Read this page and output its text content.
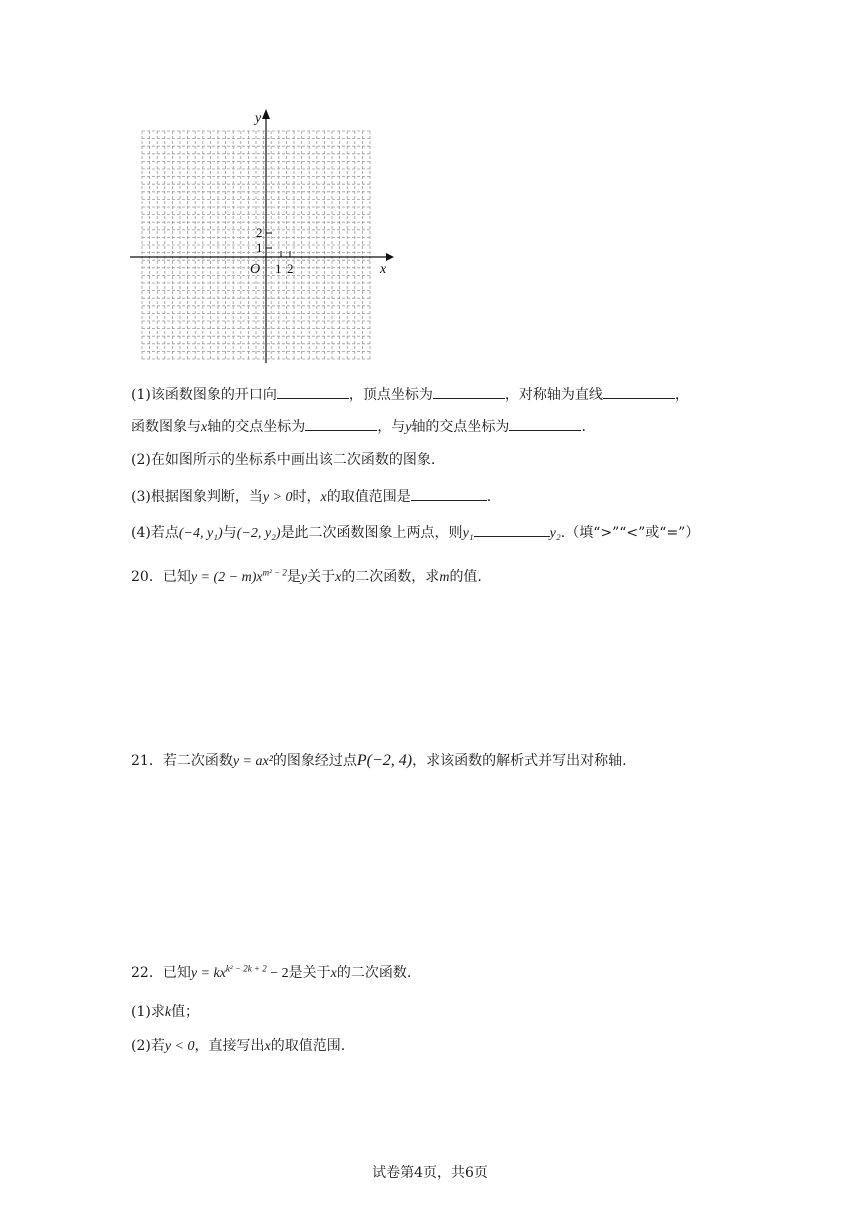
x
y
O 1 2
1
2
(1)该函数图象的开口向	，顶点坐标为	，对称轴为直线	，
函数图象与x轴的交点坐标为	，与y轴的交点坐标为	.
(2)在如图所示的坐标系中画出该二次函数的图象.
(3)根据图象判断，当y > 0时，x的取值范围是	.
(4)若点(−4, y₁)与(−2, y₂)是此二次函数图象上两点，则y₁	y₂.（填“>”“<”或“=”）
20．已知$y = (2 - m)x^{m^2 - 2}$是y关于x的二次函数，求m的值.
21．若二次函数y = ax²的图象经过点P(−2, 4)，求该函数的解析式并写出对称轴.
22．已知$y = kx^{k^2 - 2k + 2} - 2$是关于x的二次函数.
(1)求k值；
(2)若y < 0，直接写出x的取值范围.
试卷第4页，共6页
